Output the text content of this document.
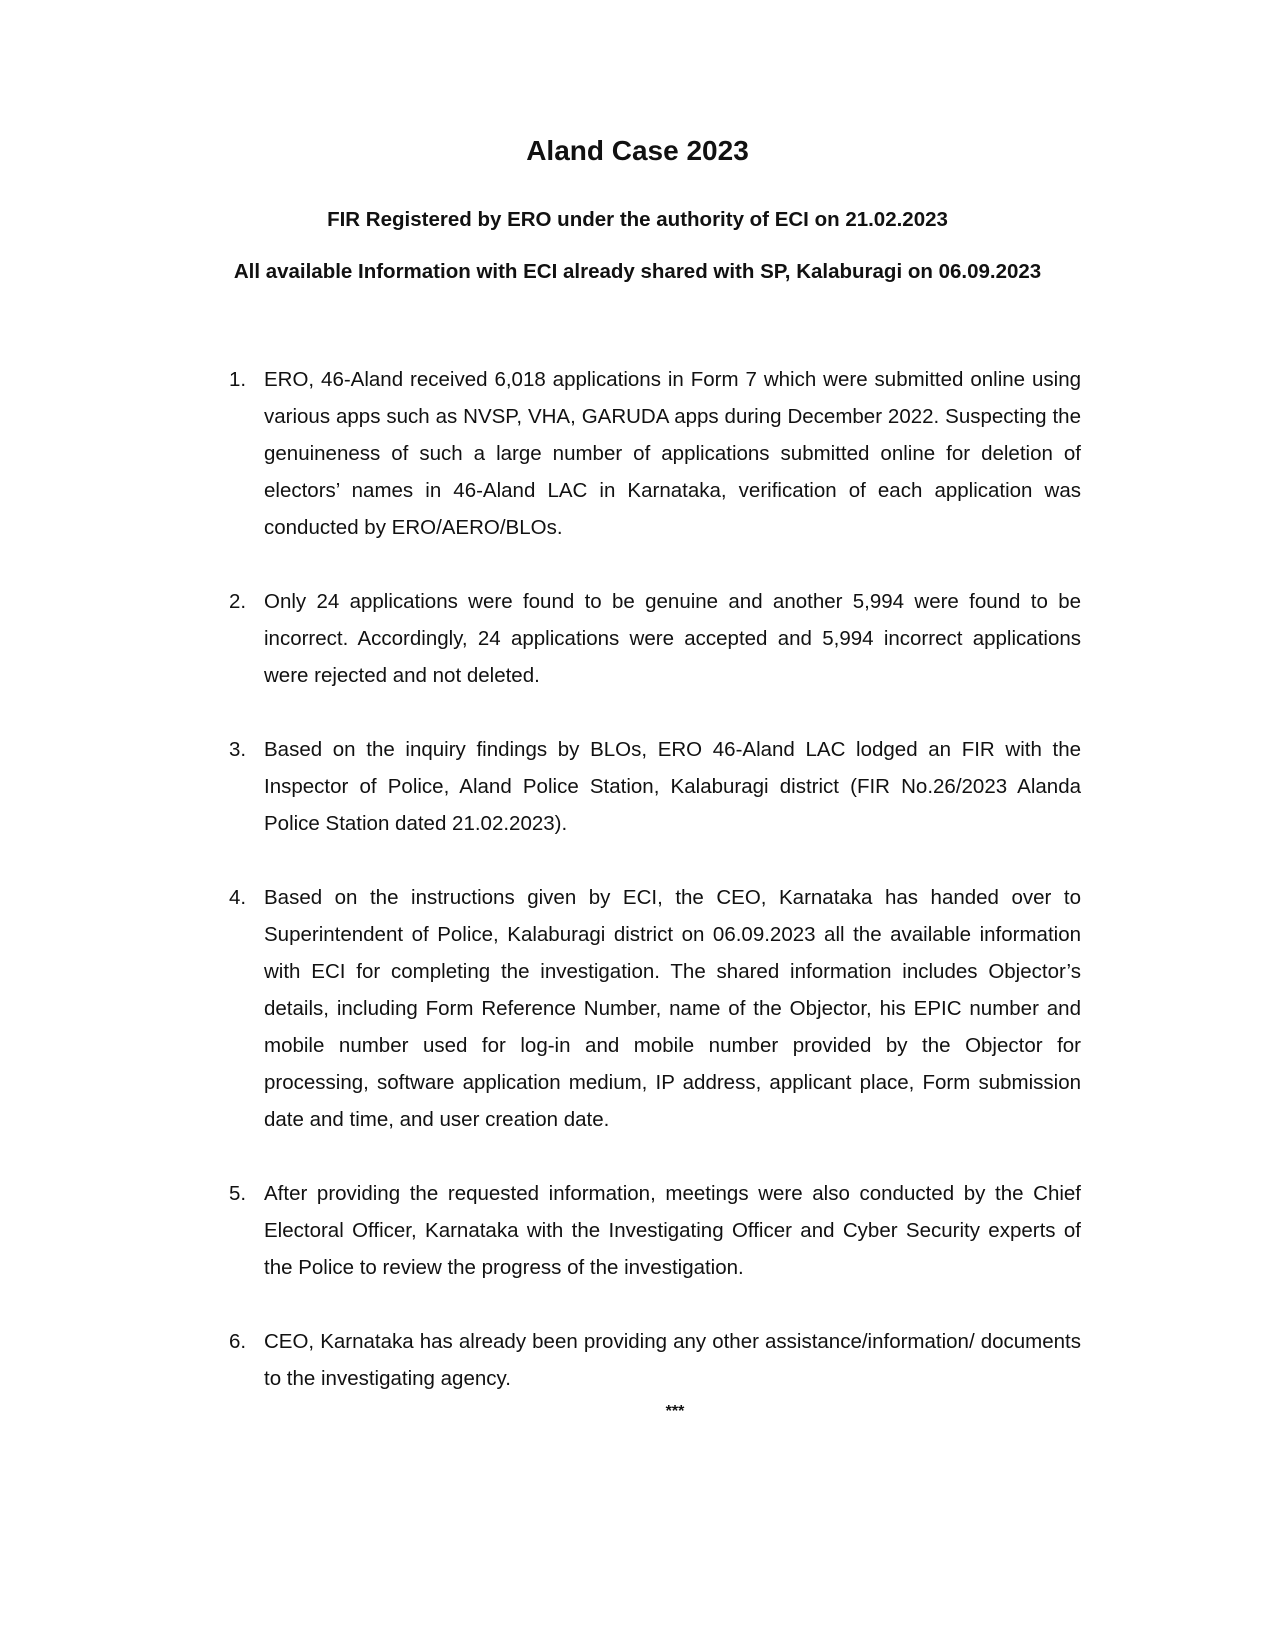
Aland Case 2023

FIR Registered by ERO under the authority of ECI on 21.02.2023

All available Information with ECI already shared with SP, Kalaburagi on 06.09.2023

1. ERO, 46-Aland received 6,018 applications in Form 7 which were submitted online using various apps such as NVSP, VHA, GARUDA apps during December 2022. Suspecting the genuineness of such a large number of applications submitted online for deletion of electors’ names in 46-Aland LAC in Karnataka, verification of each application was conducted by ERO/AERO/BLOs.
2. Only 24 applications were found to be genuine and another 5,994 were found to be incorrect. Accordingly, 24 applications were accepted and 5,994 incorrect applications were rejected and not deleted.
3. Based on the inquiry findings by BLOs, ERO 46-Aland LAC lodged an FIR with the Inspector of Police, Aland Police Station, Kalaburagi district (FIR No.26/2023 Alanda Police Station dated 21.02.2023).
4. Based on the instructions given by ECI, the CEO, Karnataka has handed over to Superintendent of Police, Kalaburagi district on 06.09.2023 all the available information with ECI for completing the investigation. The shared information includes Objector’s details, including Form Reference Number, name of the Objector, his EPIC number and mobile number used for log-in and mobile number provided by the Objector for processing, software application medium, IP address, applicant place, Form submission date and time, and user creation date.
5. After providing the requested information, meetings were also conducted by the Chief Electoral Officer, Karnataka with the Investigating Officer and Cyber Security experts of the Police to review the progress of the investigation.
6. CEO, Karnataka has already been providing any other assistance/information/ documents to the investigating agency.

***
